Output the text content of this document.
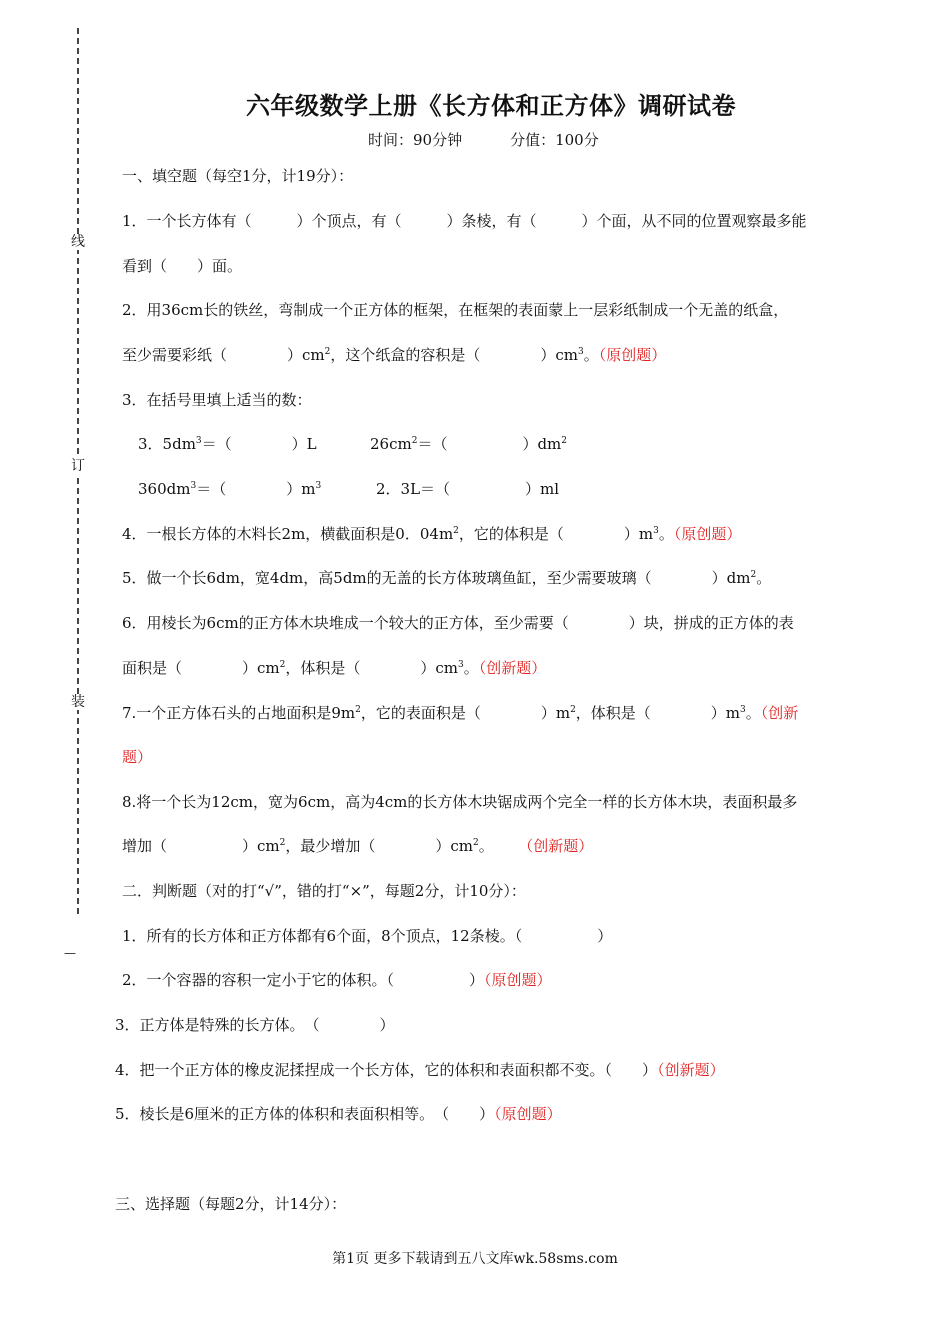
线
订
装
—
六年级数学上册《长方体和正方体》调研试卷
时间：90分钟	分值：100分
一、填空题（每空1分，计19分）：
1．一个长方体有（　　　）个顶点，有（　　　）条棱，有（　　　）个面，从不同的位置观察最多能
看到（　　）面。
2．用36cm长的铁丝，弯制成一个正方体的框架，在框架的表面蒙上一层彩纸制成一个无盖的纸盒，
至少需要彩纸（　　　　）$cm^2$，这个纸盒的容积是（　　　　）$cm^3$。（原创题）
3．在括号里填上适当的数：
3．$5dm^3=$（　　　　）L	$26cm^2=$（　　　　　）$dm^2$
$360dm^3=$（　　　　）$m^3$	2．3L＝（　　　　　）ml
4．一根长方体的木料长2m，横截面积是0．$04m^2$，它的体积是（　　　　）$m^3$。（原创题）
5．做一个长6dm，宽4dm，高5dm的无盖的长方体玻璃鱼缸，至少需要玻璃（　　　　）$dm^2$。
6．用棱长为6cm的正方体木块堆成一个较大的正方体，至少需要（　　　　）块，拼成的正方体的表
面积是（　　　　）$cm^2$，体积是（　　　　）$cm^3$。（创新题）
7.一个正方体石头的占地面积是$9m^2$，它的表面积是（　　　　）$m^2$，体积是（　　　　）$m^3$。（创新
题）
8.将一个长为12cm，宽为6cm，高为4cm的长方体木块锯成两个完全一样的长方体木块，表面积最多
增加（　　　　　）$cm^2$，最少增加（　　　　）$cm^2$。 （创新题）
二．判断题（对的打“√”，错的打“×”，每题2分，计10分）：
1．所有的长方体和正方体都有6个面，8个顶点，12条棱。（　　　　　）
2．一个容器的容积一定小于它的体积。（　　　　　）（原创题）
3．正方体是特殊的长方体。　（　　　　）
4．把一个正方体的橡皮泥揉捏成一个长方体，它的体积和表面积都不变。（　　）（创新题）
5．棱长是6厘米的正方体的体积和表面积相等。　（　　）（原创题）
三、选择题（每题2分，计14分）：
第1页 更多下载请到五八文库wk.58sms.com
